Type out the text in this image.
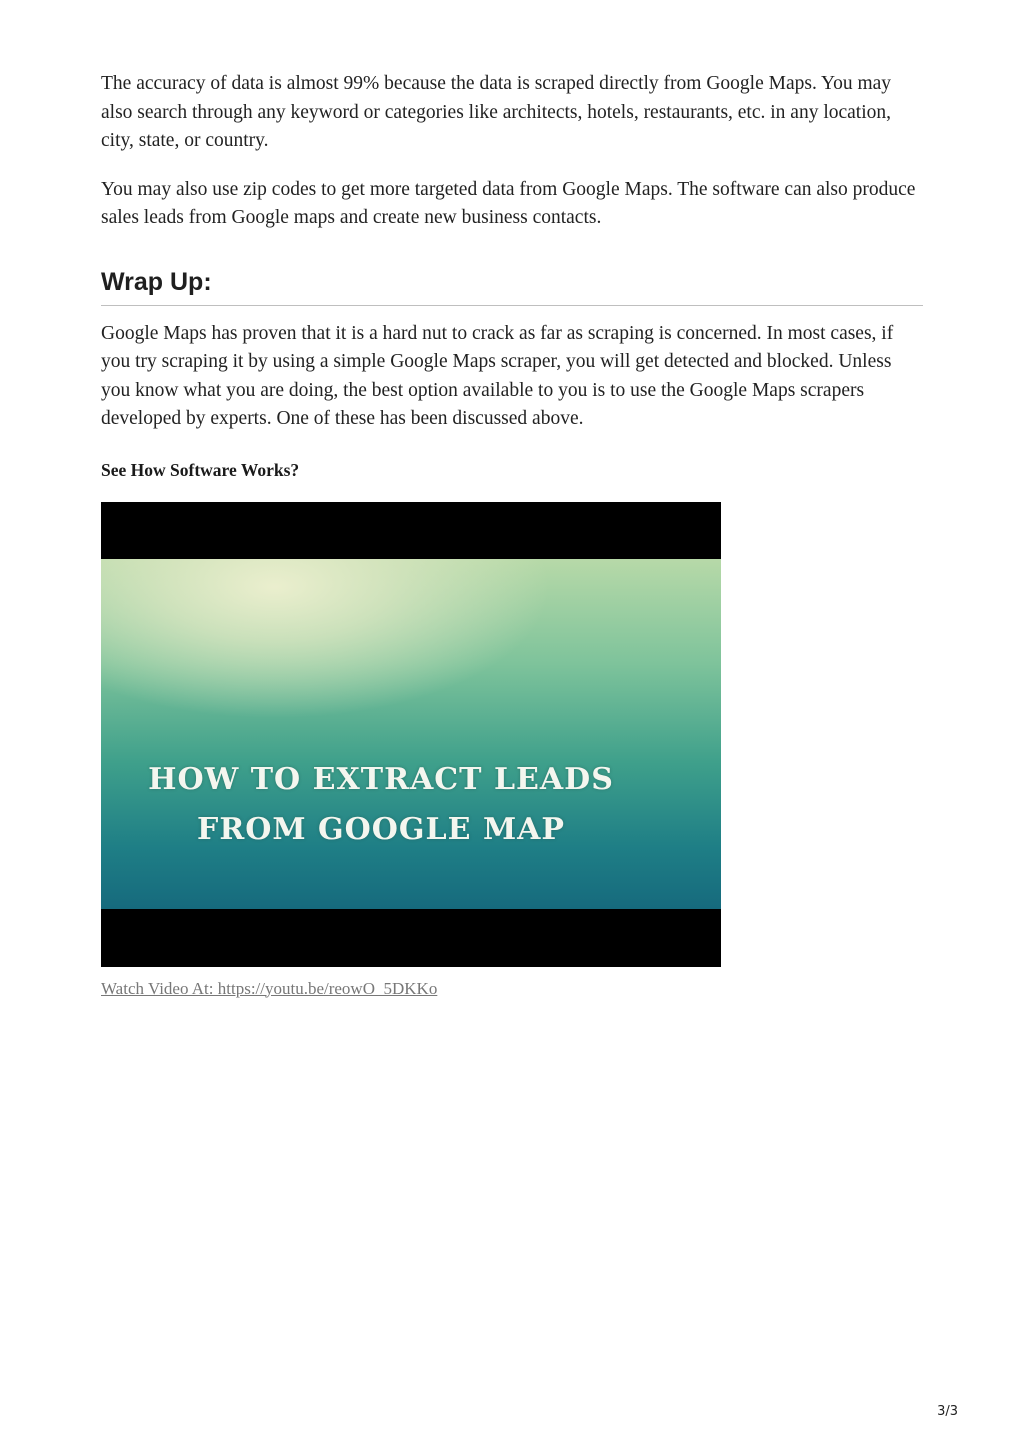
The accuracy of data is almost 99% because the data is scraped directly from Google Maps. You may also search through any keyword or categories like architects, hotels, restaurants, etc. in any location, city, state, or country.

You may also use zip codes to get more targeted data from Google Maps. The software can also produce sales leads from Google maps and create new business contacts.

Wrap Up:

Google Maps has proven that it is a hard nut to crack as far as scraping is concerned. In most cases, if you try scraping it by using a simple Google Maps scraper, you will get detected and blocked. Unless you know what you are doing, the best option available to you is to use the Google Maps scrapers developed by experts. One of these has been discussed above.

See How Software Works?

HOW TO EXTRACT LEADS
FROM GOOGLE MAP
Watch Video At: https://youtu.be/reowO_5DKKo
3/3
